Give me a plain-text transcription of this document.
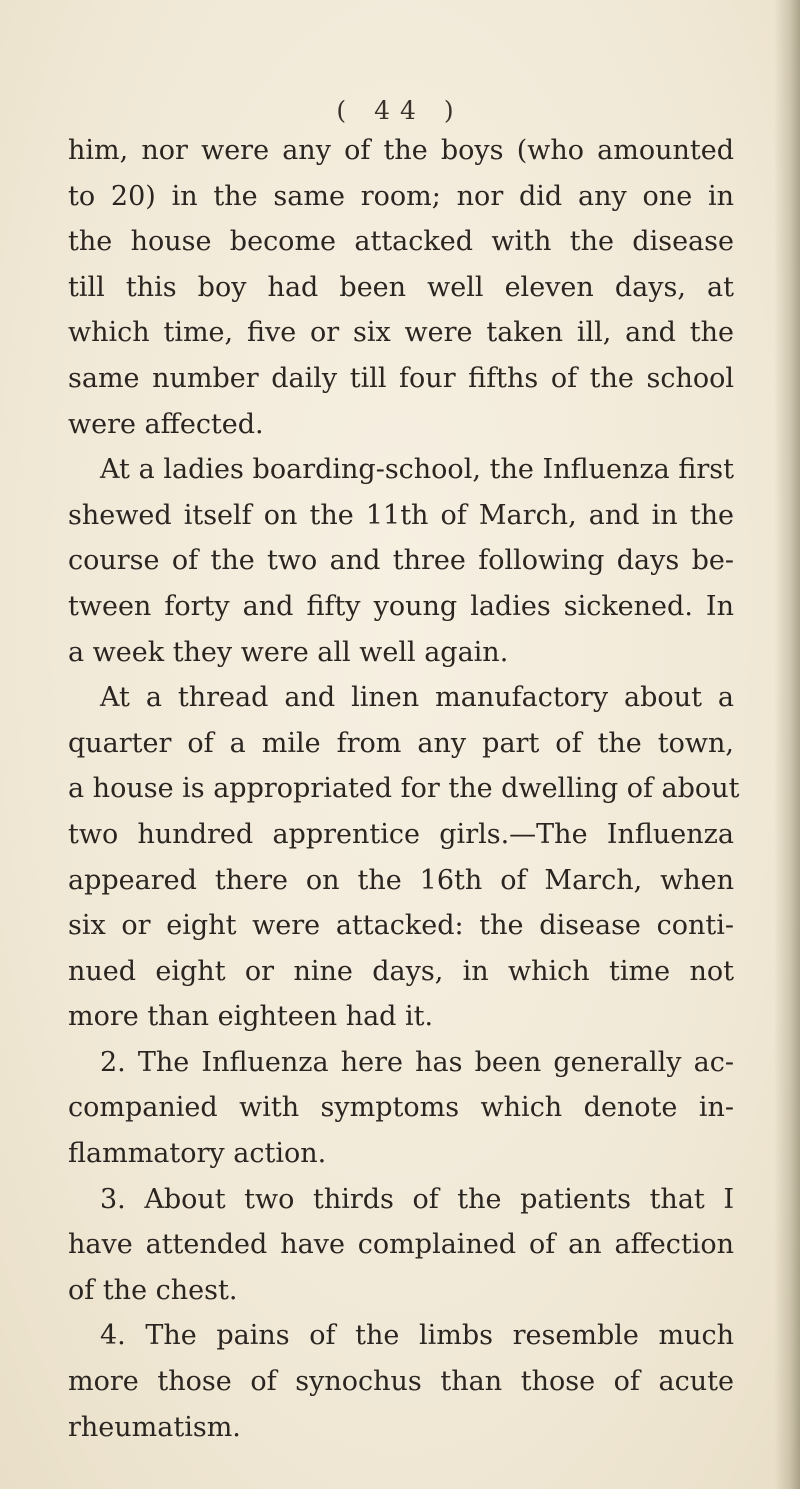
( 44 )
him, nor were any of the boys (who amounted
to 20) in the same room; nor did any one in
the house become attacked with the disease
till this boy had been well eleven days, at
which time, five or six were taken ill, and the
same number daily till four fifths of the school
were affected.
At a ladies boarding-school, the Influenza first
shewed itself on the 11th of March, and in the
course of the two and three following days be-
tween forty and fifty young ladies sickened. In
a week they were all well again.
At a thread and linen manufactory about a
quarter of a mile from any part of the town,
a house is appropriated for the dwelling of about
two hundred apprentice girls.—The Influenza
appeared there on the 16th of March, when
six or eight were attacked: the disease conti-
nued eight or nine days, in which time not
more than eighteen had it.
2. The Influenza here has been generally ac-
companied with symptoms which denote in-
flammatory action.
3. About two thirds of the patients that I
have attended have complained of an affection
of the chest.
4. The pains of the limbs resemble much
more those of synochus than those of acute
rheumatism.
